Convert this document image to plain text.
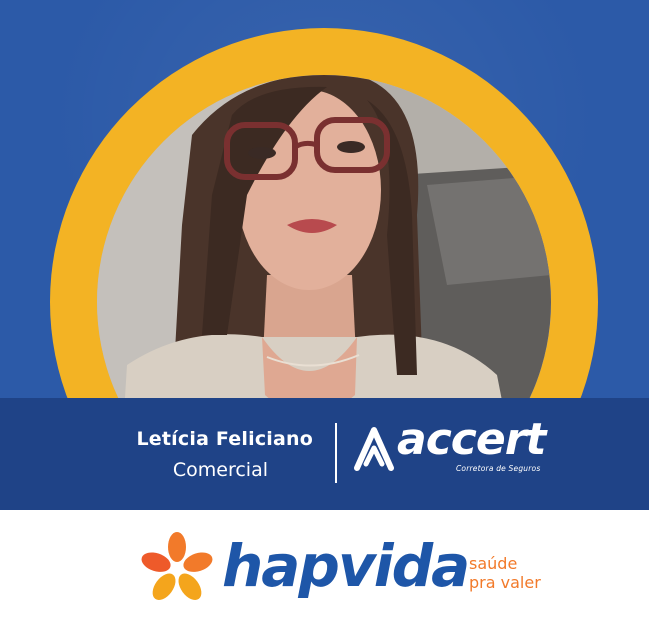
Letícia Feliciano
Comercial
accert
Corretora de Seguros
hapvida saúde
pra valer
